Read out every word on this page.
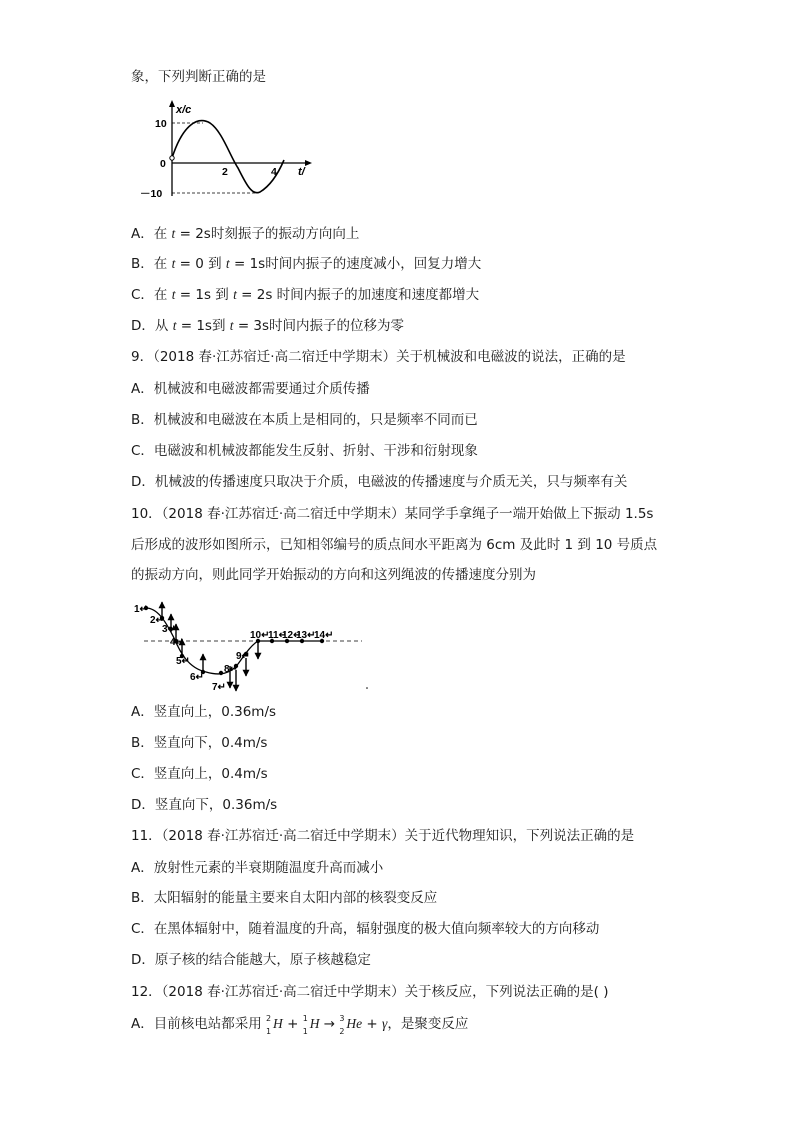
象，下列判断正确的是
x/c
10
0
－10
2	4 t/
A．在 t = 2s时刻振子的振动方向向上
B．在 t = 0 到 t = 1s时间内振子的速度减小，回复力增大
C．在 t = 1s 到 t = 2s 时间内振子的加速度和速度都增大
D．从 t = 1s到 t = 3s时间内振子的位移为零
9．（2018 春·江苏宿迁·高二宿迁中学期末）关于机械波和电磁波的说法，正确的是
A．机械波和电磁波都需要通过介质传播
B．机械波和电磁波在本质上是相同的，只是频率不同而已
C．电磁波和机械波都能发生反射、折射、干涉和衍射现象
D．机械波的传播速度只取决于介质，电磁波的传播速度与介质无关，只与频率有关
10．（2018 春·江苏宿迁·高二宿迁中学期末）某同学手拿绳子一端开始做上下振动 1.5s
后形成的波形如图所示，已知相邻编号的质点间水平距离为 6cm 及此时 1 到 10 号质点
的振动方向，则此同学开始振动的方向和这列绳波的传播速度分别为
1↵
2↵
3↵
4↵
5↵
6↵
7↵
8↵
9↵
10↵
11↵
12↵
13↵
14↵
A．竖直向上，0.36m/s
B．竖直向下，0.4m/s
C．竖直向上，0.4m/s
D．竖直向下，0.36m/s
11．（2018 春·江苏宿迁·高二宿迁中学期末）关于近代物理知识，下列说法正确的是
A．放射性元素的半衰期随温度升高而减小
B．太阳辐射的能量主要来自太阳内部的核裂变反应
C．在黑体辐射中，随着温度的升高，辐射强度的极大值向频率较大的方向移动
D．原子核的结合能越大，原子核越稳定
12．（2018 春·江苏宿迁·高二宿迁中学期末）关于核反应，下列说法正确的是( )
A．目前核电站都采用 2
1
H + 1
1
H → 3
2
He + γ，是聚变反应
